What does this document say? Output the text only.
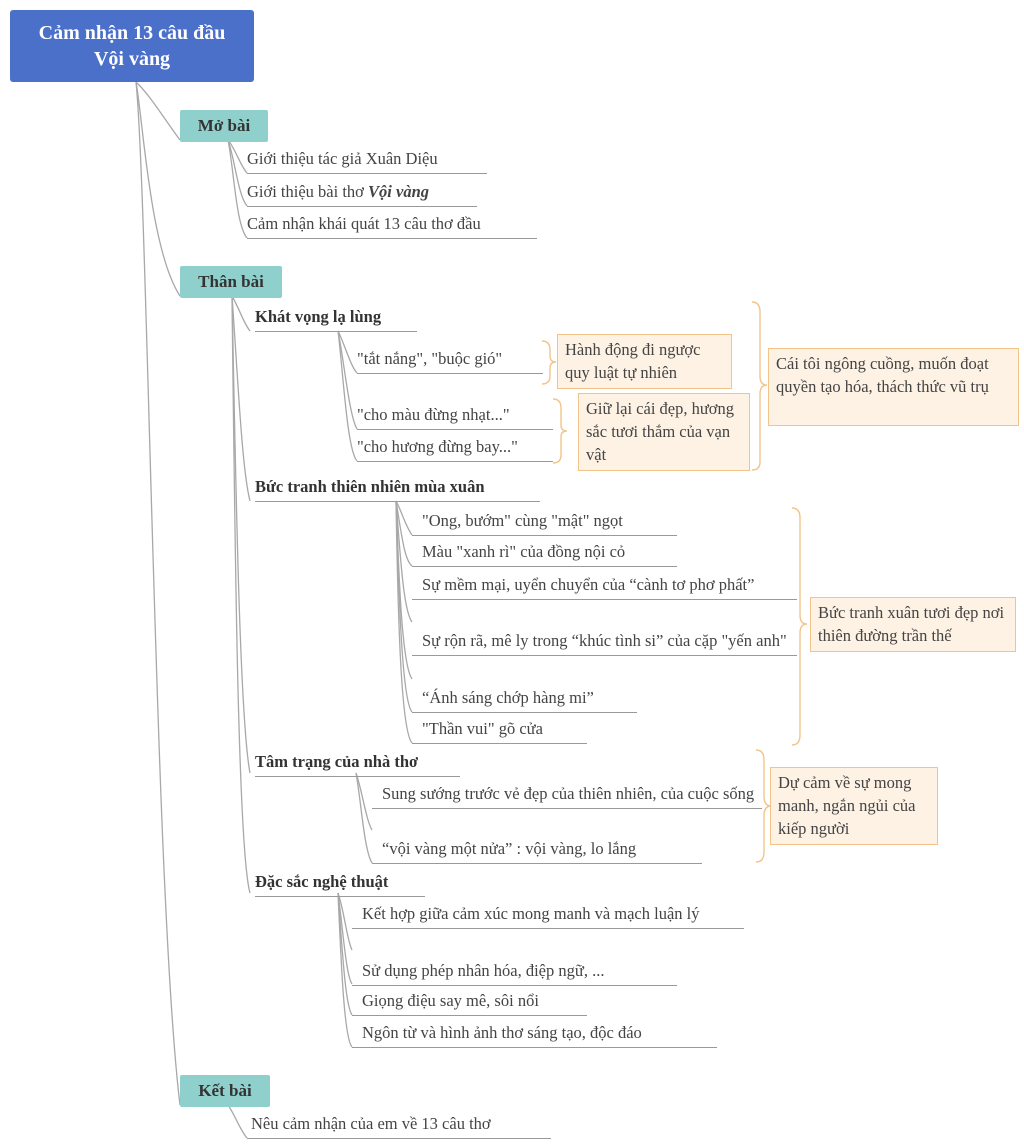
Cảm nhận 13 câu đầu
Vội vàng
Mở bài
Giới thiệu tác giả Xuân Diệu
Giới thiệu bài thơ Vội vàng
Cảm nhận khái quát 13 câu thơ đầu
Thân bài
Khát vọng lạ lùng
"tắt nắng", "buộc gió"
"cho màu đừng nhạt..."
"cho hương đừng bay..."
Hành động đi ngược quy luật tự nhiên
Giữ lại cái đẹp, hương sắc tươi thắm của vạn vật
Cái tôi ngông cuồng, muốn đoạt quyền tạo hóa, thách thức vũ trụ
Bức tranh thiên nhiên mùa xuân
"Ong, bướm" cùng "mật" ngọt
Màu "xanh rì" của đồng nội cỏ
Sự mềm mại, uyển chuyển của “cành tơ phơ phất”
Sự rộn rã, mê ly trong “khúc tình si” của cặp "yến anh"
“Ánh sáng chớp hàng mi”
"Thần vui" gõ cửa
Bức tranh xuân tươi đẹp nơi thiên đường trần thế
Tâm trạng của nhà thơ
Sung sướng trước vẻ đẹp của thiên nhiên, của cuộc sống
“vội vàng một nửa” : vội vàng, lo lắng
Dự cảm về sự mong manh, ngắn ngủi của kiếp người
Đặc sắc nghệ thuật
Kết hợp giữa cảm xúc mong manh và mạch luận lý
Sử dụng phép nhân hóa, điệp ngữ, ...
Giọng điệu say mê, sôi nổi
Ngôn từ và hình ảnh thơ sáng tạo, độc đáo
Kết bài
Nêu cảm nhận của em về 13 câu thơ
